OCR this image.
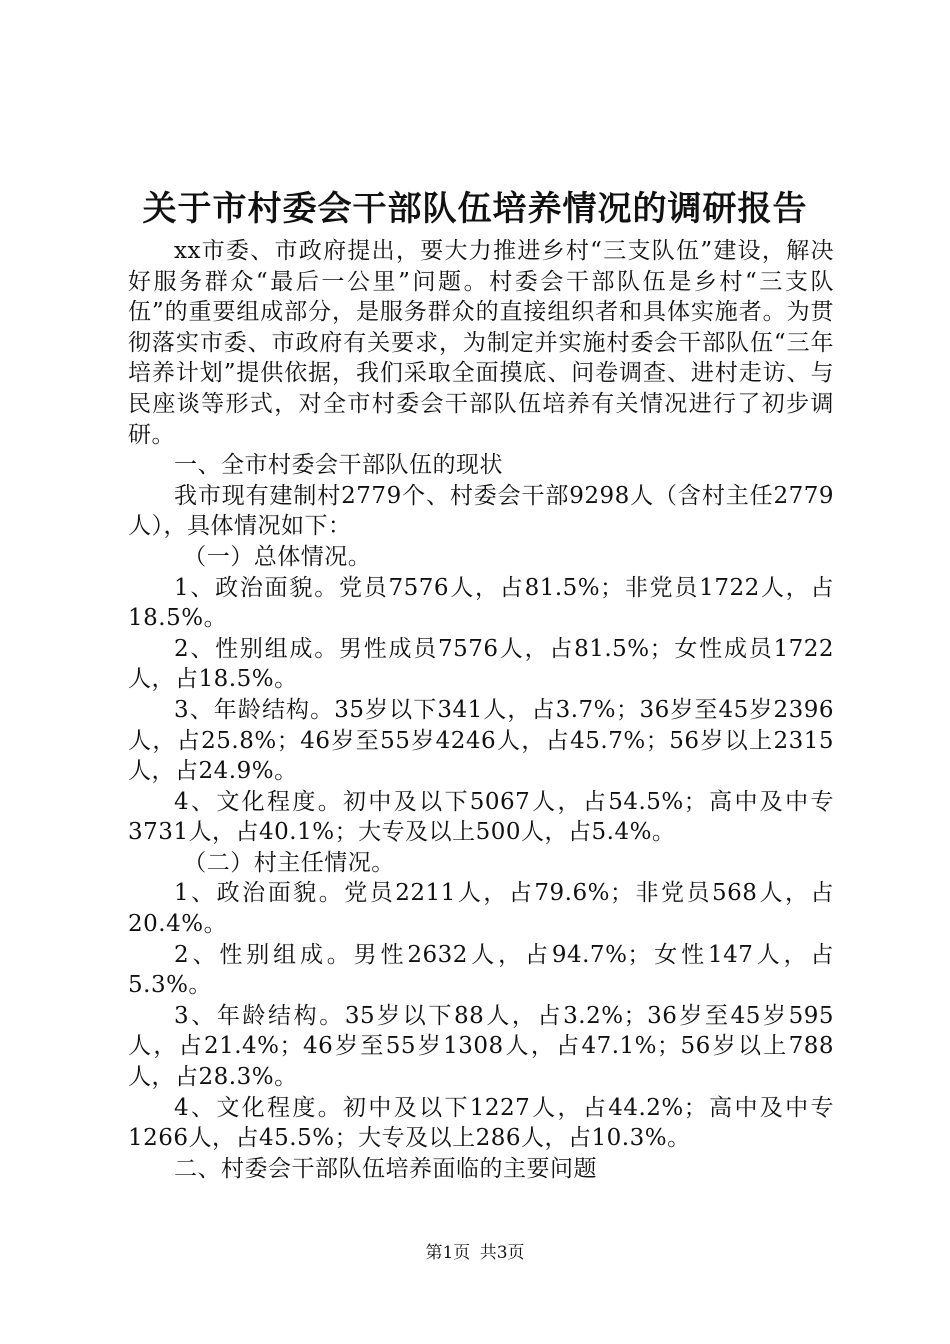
关于市村委会干部队伍培养情况的调研报告

xx市委、市政府提出，要大力推进乡村“三支队伍”建设，解决好服务群众“最后一公里”问题。村委会干部队伍是乡村“三支队伍”的重要组成部分，是服务群众的直接组织者和具体实施者。为贯彻落实市委、市政府有关要求，为制定并实施村委会干部队伍“三年培养计划”提供依据，我们采取全面摸底、问卷调查、进村走访、与民座谈等形式，对全市村委会干部队伍培养有关情况进行了初步调研。

一、全市村委会干部队伍的现状

我市现有建制村2779个、村委会干部9298人（含村主任2779人），具体情况如下：

（一）总体情况。

1、政治面貌。党员7576人，占81.5%；非党员1722人，占18.5%。

2、性别组成。男性成员7576人，占81.5%；女性成员1722人，占18.5%。

3、年龄结构。35岁以下341人，占3.7%；36岁至45岁2396人，占25.8%；46岁至55岁4246人，占45.7%；56岁以上2315人，占24.9%。

4、文化程度。初中及以下5067人，占54.5%；高中及中专3731人，占40.1%；大专及以上500人，占5.4%。

（二）村主任情况。

1、政治面貌。党员2211人，占79.6%；非党员568人，占20.4%。

2、性别组成。男性2632人，占94.7%；女性147人，占5.3%。

3、年龄结构。35岁以下88人，占3.2%；36岁至45岁595人，占21.4%；46岁至55岁1308人，占47.1%；56岁以上788人，占28.3%。

4、文化程度。初中及以下1227人，占44.2%；高中及中专1266人，占45.5%；大专及以上286人，占10.3%。

二、村委会干部队伍培养面临的主要问题

第1页 共3页
